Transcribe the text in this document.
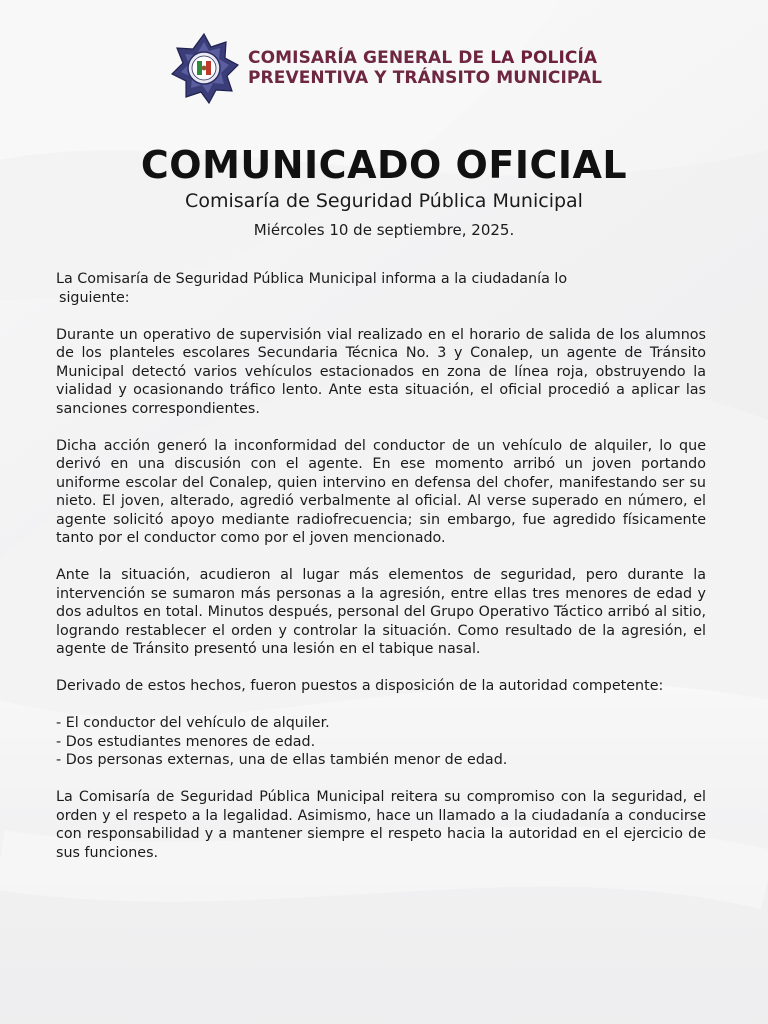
COMISARÍA GENERAL DE LA POLICÍA
PREVENTIVA Y TRÁNSITO MUNICIPAL
COMUNICADO OFICIAL

Comisaría de Seguridad Pública Municipal

Miércoles 10 de septiembre, 2025.

La Comisaría de Seguridad Pública Municipal informa a la ciudadanía lo
siguiente:

Durante un operativo de supervisión vial realizado en el horario de salida de los alumnos de los planteles escolares Secundaria Técnica No. 3 y Conalep, un agente de Tránsito Municipal detectó varios vehículos estacionados en zona de línea roja, obstruyendo la vialidad y ocasionando tráfico lento. Ante esta situación, el oficial procedió a aplicar las sanciones correspondientes.

Dicha acción generó la inconformidad del conductor de un vehículo de alquiler, lo que derivó en una discusión con el agente. En ese momento arribó un joven portando uniforme escolar del Conalep, quien intervino en defensa del chofer, manifestando ser su nieto. El joven, alterado, agredió verbalmente al oficial. Al verse superado en número, el agente solicitó apoyo mediante radiofrecuencia; sin embargo, fue agredido físicamente tanto por el conductor como por el joven mencionado.

Ante la situación, acudieron al lugar más elementos de seguridad, pero durante la intervención se sumaron más personas a la agresión, entre ellas tres menores de edad y dos adultos en total. Minutos después, personal del Grupo Operativo Táctico arribó al sitio, logrando restablecer el orden y controlar la situación. Como resultado de la agresión, el agente de Tránsito presentó una lesión en el tabique nasal.

Derivado de estos hechos, fueron puestos a disposición de la autoridad competente:

- El conductor del vehículo de alquiler.
- Dos estudiantes menores de edad.
- Dos personas externas, una de ellas también menor de edad.

La Comisaría de Seguridad Pública Municipal reitera su compromiso con la seguridad, el orden y el respeto a la legalidad. Asimismo, hace un llamado a la ciudadanía a conducirse con responsabilidad y a mantener siempre el respeto hacia la autoridad en el ejercicio de sus funciones.
